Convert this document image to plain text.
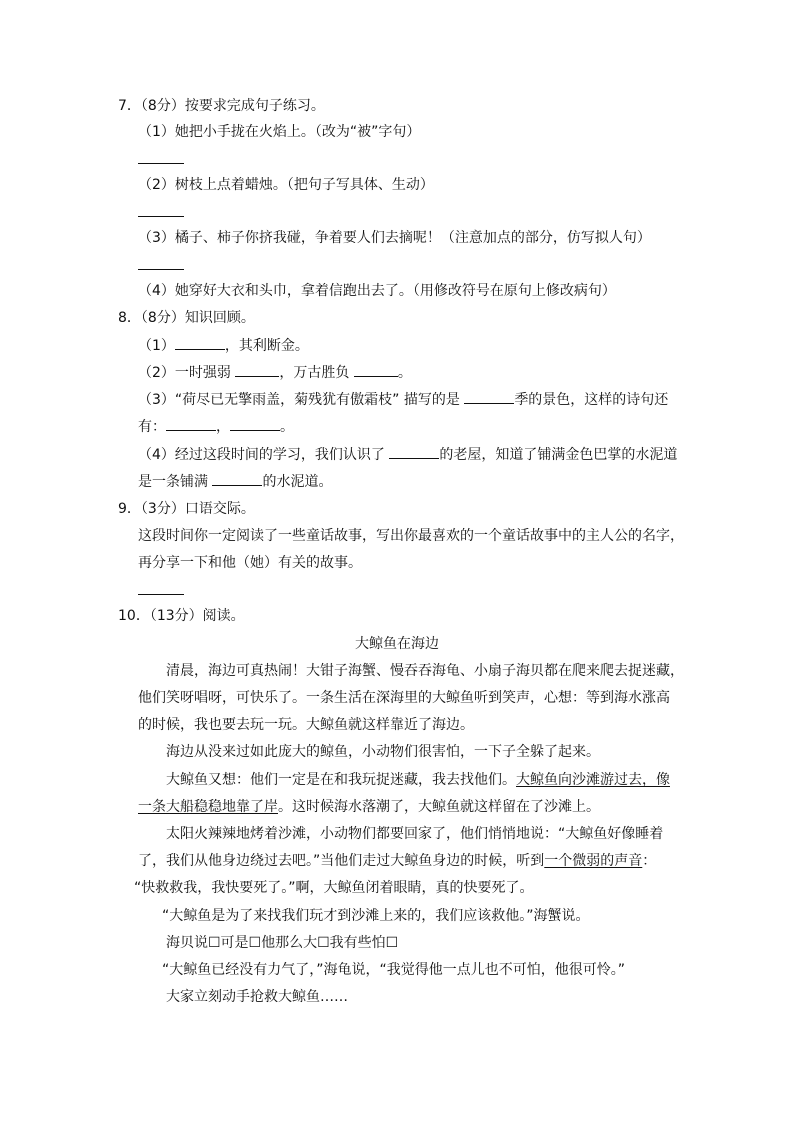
7．（8分）按要求完成句子练习。
（1）她把小手拢在火焰上。（改为“被”字句）
（2）树枝上点着蜡烛。（把句子写具体、生动）
（3）橘子、柿子你挤我碰，争着要人们去摘呢！（注意加点的部分，仿写拟人句）
（4）她穿好大衣和头巾，拿着信跑出去了。（用修改符号在原句上修改病句）
8．（8分）知识回顾。
（1）	，其利断金。
（2）一时强弱	，万古胜负	。
（3）“荷尽已无擎雨盖，菊残犹有傲霜枝” 描写的是	季的景色，这样的诗句还
有：	，	。
（4）经过这段时间的学习，我们认识了	的老屋，知道了铺满金色巴掌的水泥道
是一条铺满	的水泥道。
9．（3分）口语交际。
这段时间你一定阅读了一些童话故事，写出你最喜欢的一个童话故事中的主人公的名字，
再分享一下和他（她）有关的故事。
10．（13分）阅读。
大鲸鱼在海边
清晨，海边可真热闹！大钳子海蟹、慢吞吞海龟、小扇子海贝都在爬来爬去捉迷藏，
他们笑呀唱呀，可快乐了。一条生活在深海里的大鲸鱼听到笑声，心想：等到海水涨高
的时候，我也要去玩一玩。大鲸鱼就这样靠近了海边。
海边从没来过如此庞大的鲸鱼，小动物们很害怕，一下子全躲了起来。
大鲸鱼又想：他们一定是在和我玩捉迷藏，我去找他们。大鲸鱼向沙滩游过去，像
一条大船稳稳地靠了岸。这时候海水落潮了，大鲸鱼就这样留在了沙滩上。
太阳火辣辣地烤着沙滩，小动物们都要回家了，他们悄悄地说：“大鲸鱼好像睡着
了，我们从他身边绕过去吧。”当他们走过大鲸鱼身边的时候，听到一个微弱的声音：
“快救救我，我快要死了。”啊，大鲸鱼闭着眼睛，真的快要死了。
“大鲸鱼是为了来找我们玩才到沙滩上来的，我们应该救他。”海蟹说。
海贝说☐可是☐他那么大☐我有些怕☐
“大鲸鱼已经没有力气了，”海龟说，“我觉得他一点儿也不可怕，他很可怜。”
大家立刻动手抢救大鲸鱼……
